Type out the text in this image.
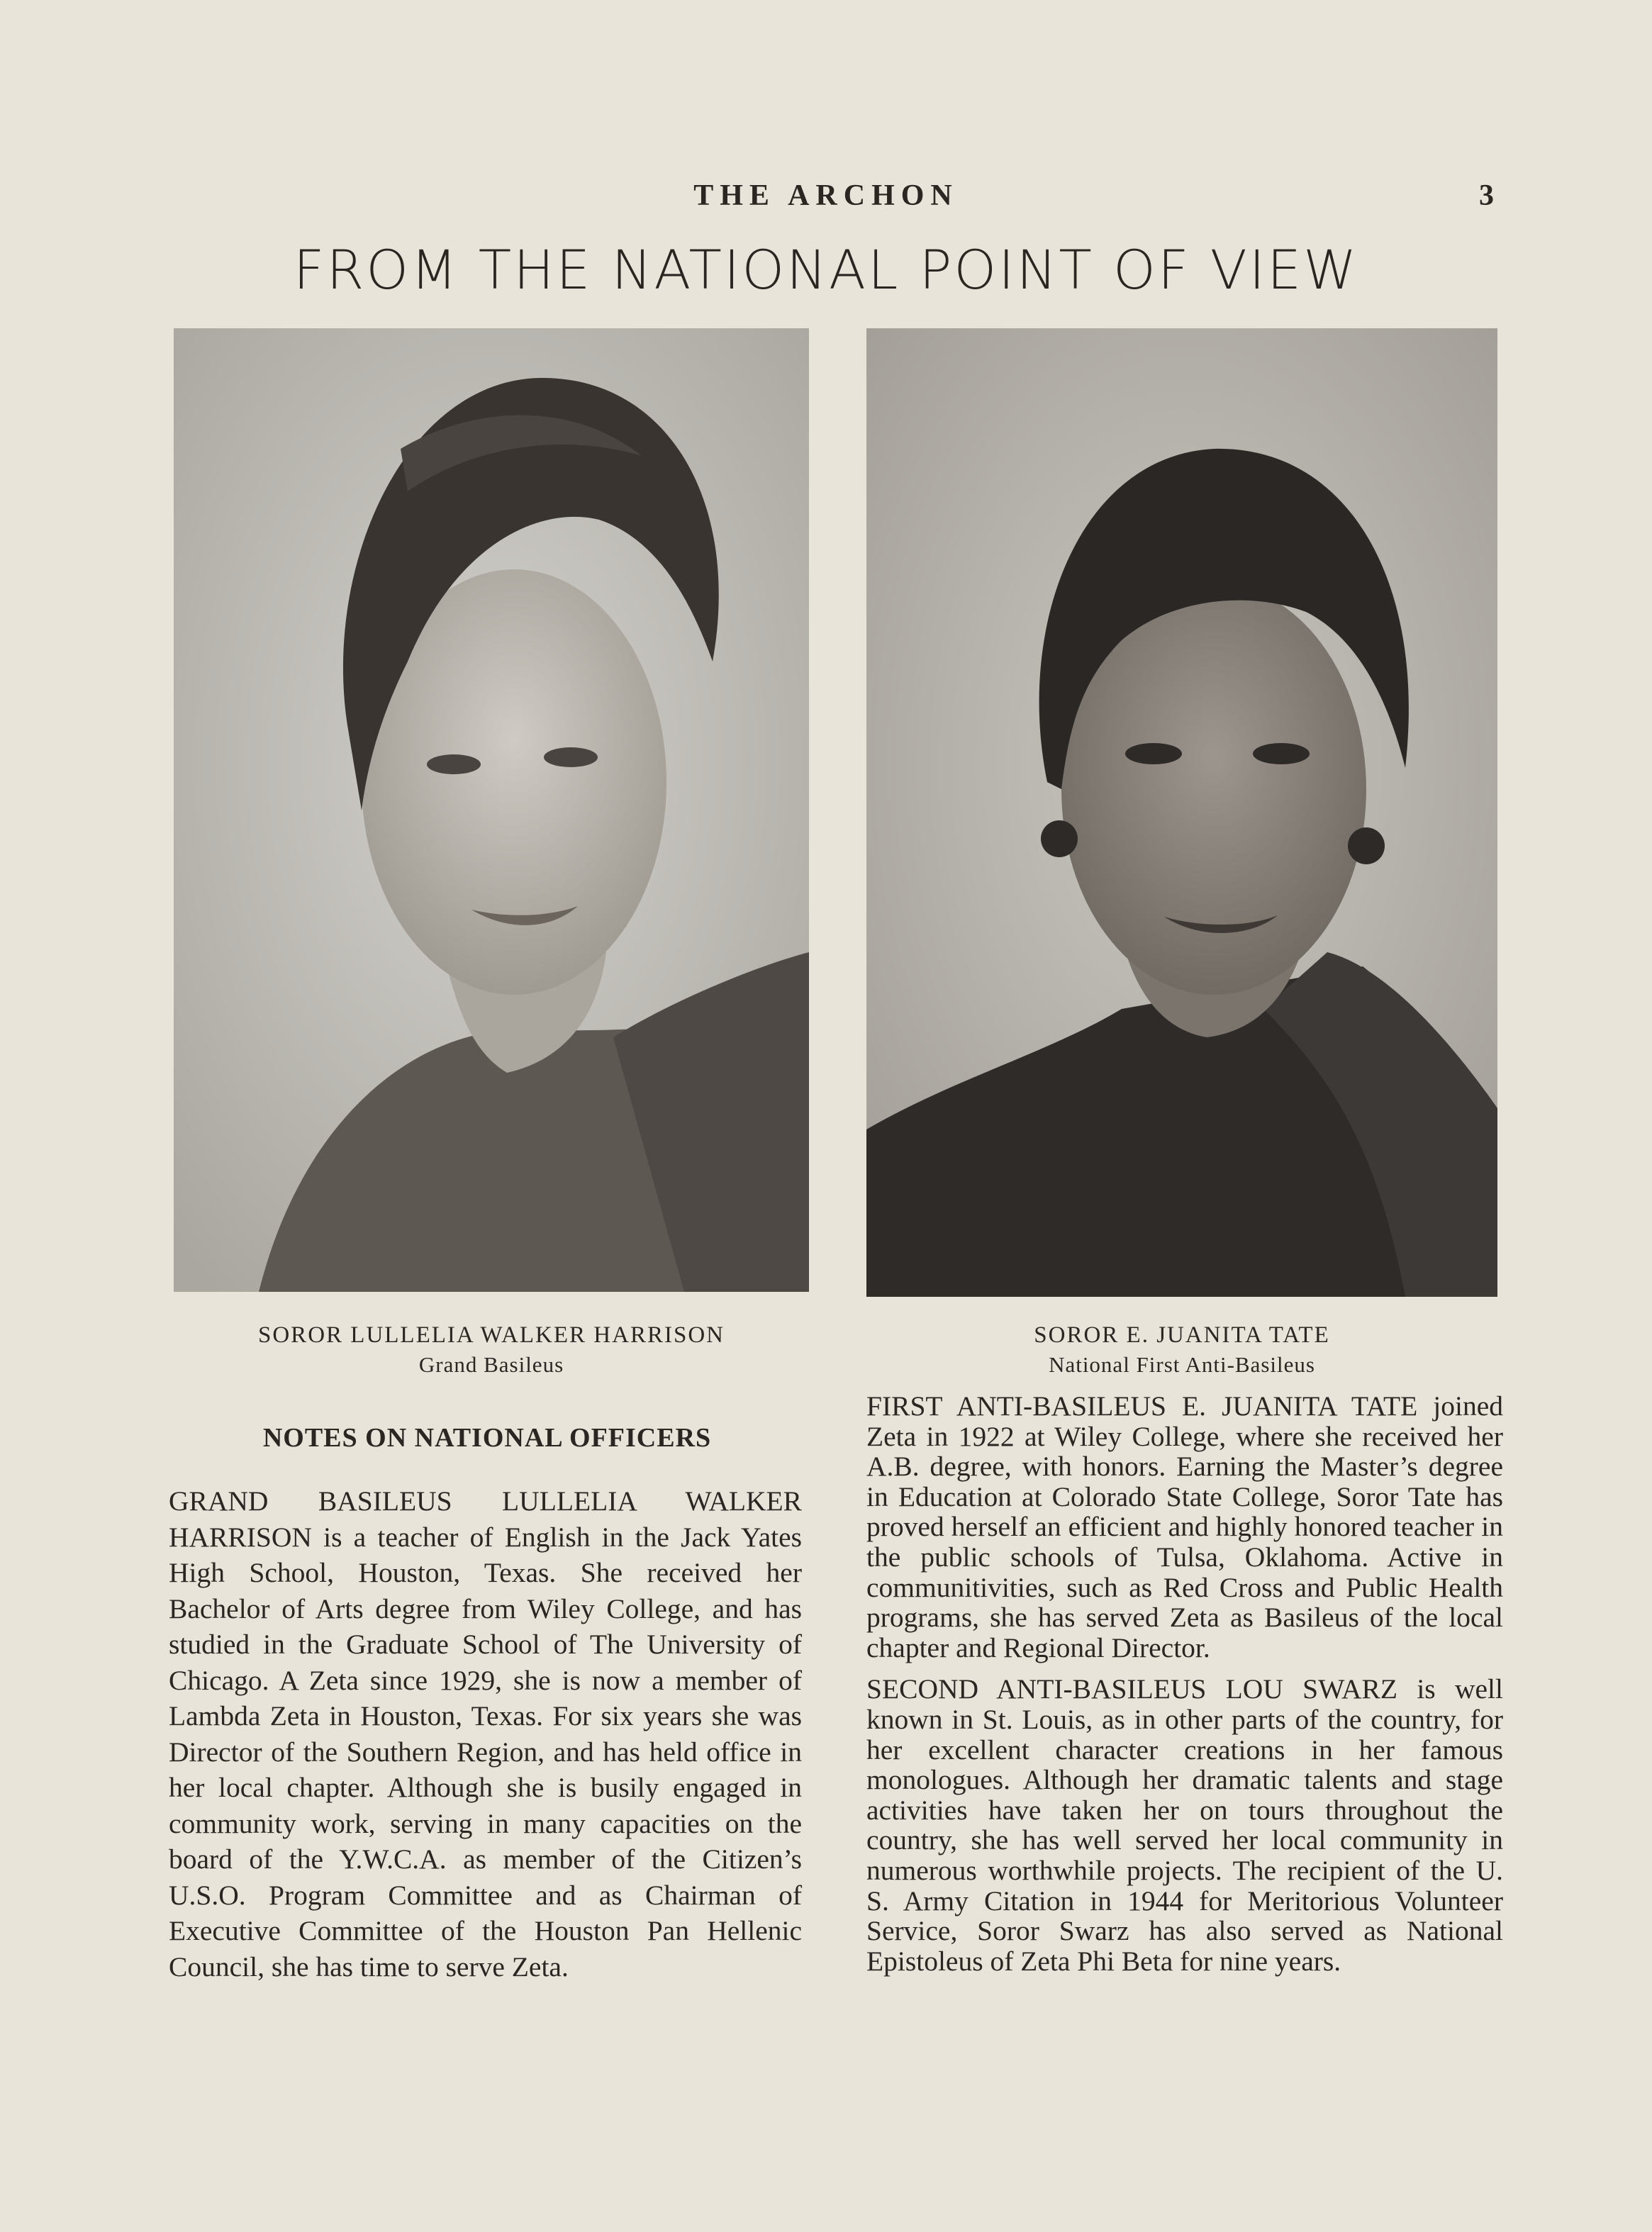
THE ARCHON	3
FROM THE NATIONAL POINT OF VIEW
SOROR LULLELIA WALKER HARRISON
Grand Basileus
SOROR E. JUANITA TATE
National First Anti-Basileus
NOTES ON NATIONAL OFFICERS

GRAND BASILEUS LULLELIA WALKER HARRISON is a teacher of English in the Jack Yates High School, Houston, Texas. She received her Bachelor of Arts degree from Wiley College, and has studied in the Graduate School of The University of Chicago. A Zeta since 1929, she is now a member of Lambda Zeta in Houston, Texas. For six years she was Director of the Southern Region, and has held office in her local chapter. Although she is busily engaged in community work, serving in many capacities on the board of the Y.W.C.A. as member of the Citizen’s U.S.O. Program Committee and as Chairman of Executive Committee of the Houston Pan Hellenic Council, she has time to serve Zeta.

FIRST ANTI-BASILEUS E. JUANITA TATE joined Zeta in 1922 at Wiley College, where she received her A.B. degree, with honors. Earning the Master’s degree in Education at Colorado State College, Soror Tate has proved herself an efficient and highly honored teacher in the public schools of Tulsa, Oklahoma. Active in communitivities, such as Red Cross and Public Health programs, she has served Zeta as Basileus of the local chapter and Regional Director.

SECOND ANTI-BASILEUS LOU SWARZ is well known in St. Louis, as in other parts of the country, for her excellent character creations in her famous monologues. Although her dramatic talents and stage activities have taken her on tours throughout the country, she has well served her local community in numerous worthwhile projects. The recipient of the U. S. Army Citation in 1944 for Meritorious Volunteer Service, Soror Swarz has also served as National Epistoleus of Zeta Phi Beta for nine years.
